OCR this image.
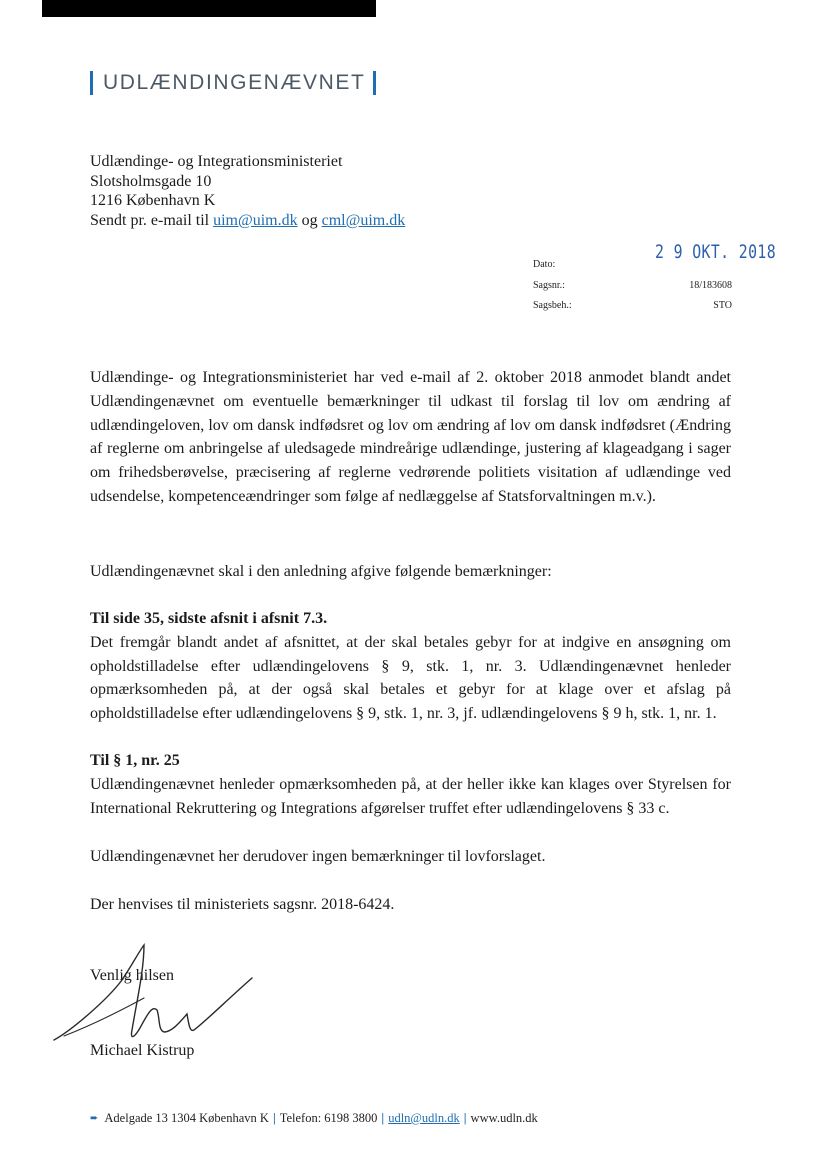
UDLÆNDINGENÆVNET
Udlændinge- og Integrationsministeriet
Slotsholmsgade 10
1216 København K
Sendt pr. e-mail til uim@uim.dk og cml@uim.dk
2 9 OKT. 2018
Dato:
Sagsnr.:	18/183608
Sagsbeh.:	STO

Udlændinge- og Integrationsministeriet har ved e-mail af 2. oktober 2018 anmodet blandt andet Udlændingenævnet om eventuelle bemærkninger til udkast til forslag til lov om ændring af udlændingeloven, lov om dansk indfødsret og lov om ændring af lov om dansk indfødsret (Ændring af reglerne om anbringelse af uledsagede mindreårige udlændinge, justering af klageadgang i sager om frihedsberøvelse, præcisering af reglerne vedrørende politiets visitation af udlændinge ved udsendelse, kompetenceændringer som følge af nedlæggelse af Statsforvaltningen m.v.).

Udlændingenævnet skal i den anledning afgive følgende bemærkninger:

Til side 35, sidste afsnit i afsnit 7.3.

Det fremgår blandt andet af afsnittet, at der skal betales gebyr for at indgive en ansøgning om opholdstilladelse efter udlændingelovens § 9, stk. 1, nr. 3. Udlændingenævnet henleder opmærksomheden på, at der også skal betales et gebyr for at klage over et afslag på opholdstilladelse efter udlændingelovens § 9, stk. 1, nr. 3, jf. udlændingelovens § 9 h, stk. 1, nr. 1.

Til § 1, nr. 25

Udlændingenævnet henleder opmærksomheden på, at der heller ikke kan klages over Styrelsen for International Rekruttering og Integrations afgørelser truffet efter udlændingelovens § 33 c.

Udlændingenævnet her derudover ingen bemærkninger til lovforslaget.

Der henvises til ministeriets sagsnr. 2018-6424.

Venlig hilsen
Michael Kistrup
➨ Adelgade 13 1304 København K | Telefon: 6198 3800 | udln@udln.dk | www.udln.dk
